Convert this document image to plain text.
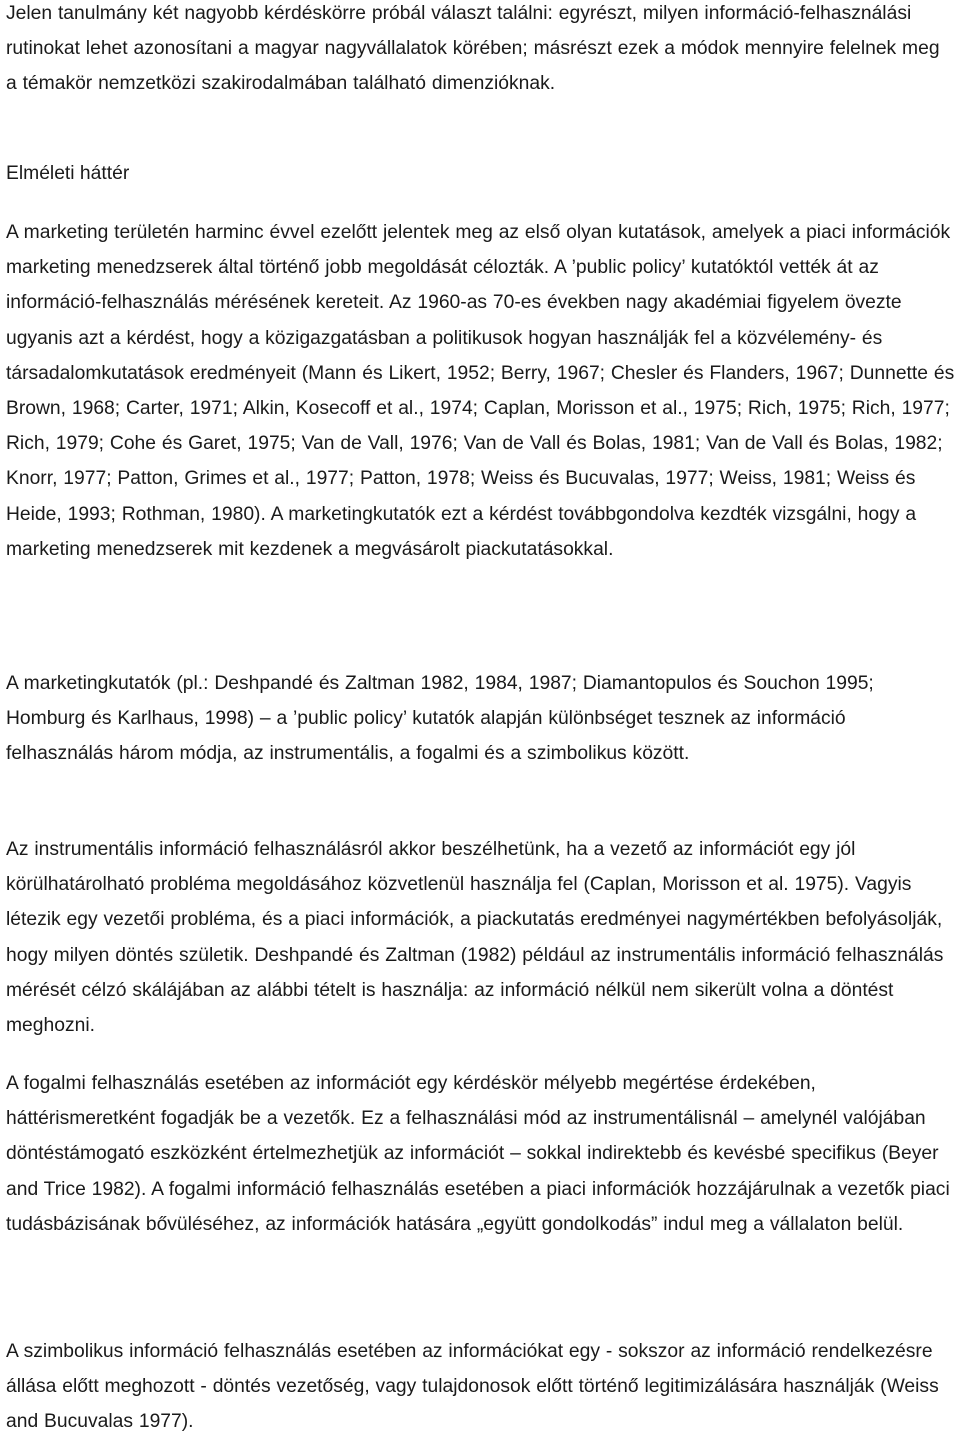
Jelen tanulmány két nagyobb kérdéskörre próbál választ találni: egyrészt, milyen információ-felhasználási rutinokat lehet azonosítani a magyar nagyvállalatok körében; másrészt ezek a módok mennyire felelnek meg a témakör nemzetközi szakirodalmában található dimenzióknak.

Elméleti háttér

A marketing területén harminc évvel ezelőtt jelentek meg az első olyan kutatások, amelyek a piaci információk marketing menedzserek által történő jobb megoldását célozták. A ’public policy’ kutatóktól vették át az információ-felhasználás mérésének kereteit. Az 1960-as 70-es években nagy akadémiai figyelem övezte ugyanis azt a kérdést, hogy a közigazgatásban a politikusok hogyan használják fel a közvélemény- és társadalomkutatások eredményeit (Mann és Likert, 1952; Berry, 1967; Chesler és Flanders, 1967; Dunnette és Brown, 1968; Carter, 1971; Alkin, Kosecoff et al., 1974; Caplan, Morisson et al., 1975; Rich, 1975; Rich, 1977; Rich, 1979; Cohe és Garet, 1975; Van de Vall, 1976; Van de Vall és Bolas, 1981; Van de Vall és Bolas, 1982; Knorr, 1977; Patton, Grimes et al., 1977; Patton, 1978; Weiss és Bucuvalas, 1977; Weiss, 1981; Weiss és Heide, 1993; Rothman, 1980). A marketingkutatók ezt a kérdést továbbgondolva kezdték vizsgálni, hogy a marketing menedzserek mit kezdenek a megvásárolt piackutatásokkal.

A marketingkutatók (pl.: Deshpandé és Zaltman 1982, 1984, 1987; Diamantopulos és Souchon 1995; Homburg és Karlhaus, 1998) – a ’public policy’ kutatók alapján különbséget tesznek az információ felhasználás három módja, az instrumentális, a fogalmi és a szimbolikus között.

Az instrumentális információ felhasználásról akkor beszélhetünk, ha a vezető az információt egy jól körülhatárolható probléma megoldásához közvetlenül használja fel (Caplan, Morisson et al. 1975). Vagyis létezik egy vezetői probléma, és a piaci információk, a piackutatás eredményei nagymértékben befolyásolják, hogy milyen döntés születik. Deshpandé és Zaltman (1982) például az instrumentális információ felhasználás mérését célzó skálájában az alábbi tételt is használja: az információ nélkül nem sikerült volna a döntést meghozni.

A fogalmi felhasználás esetében az információt egy kérdéskör mélyebb megértése érdekében, háttérismeretként fogadják be a vezetők. Ez a felhasználási mód az instrumentálisnál – amelynél valójában döntéstámogató eszközként értelmezhetjük az információt – sokkal indirektebb és kevésbé specifikus (Beyer and Trice 1982). A fogalmi információ felhasználás esetében a piaci információk hozzájárulnak a vezetők piaci tudásbázisának bővüléséhez, az információk hatására „együtt gondolkodás” indul meg a vállalaton belül.

A szimbolikus információ felhasználás esetében az információkat egy - sokszor az információ rendelkezésre állása előtt meghozott - döntés vezetőség, vagy tulajdonosok előtt történő legitimizálására használják (Weiss and Bucuvalas 1977).
